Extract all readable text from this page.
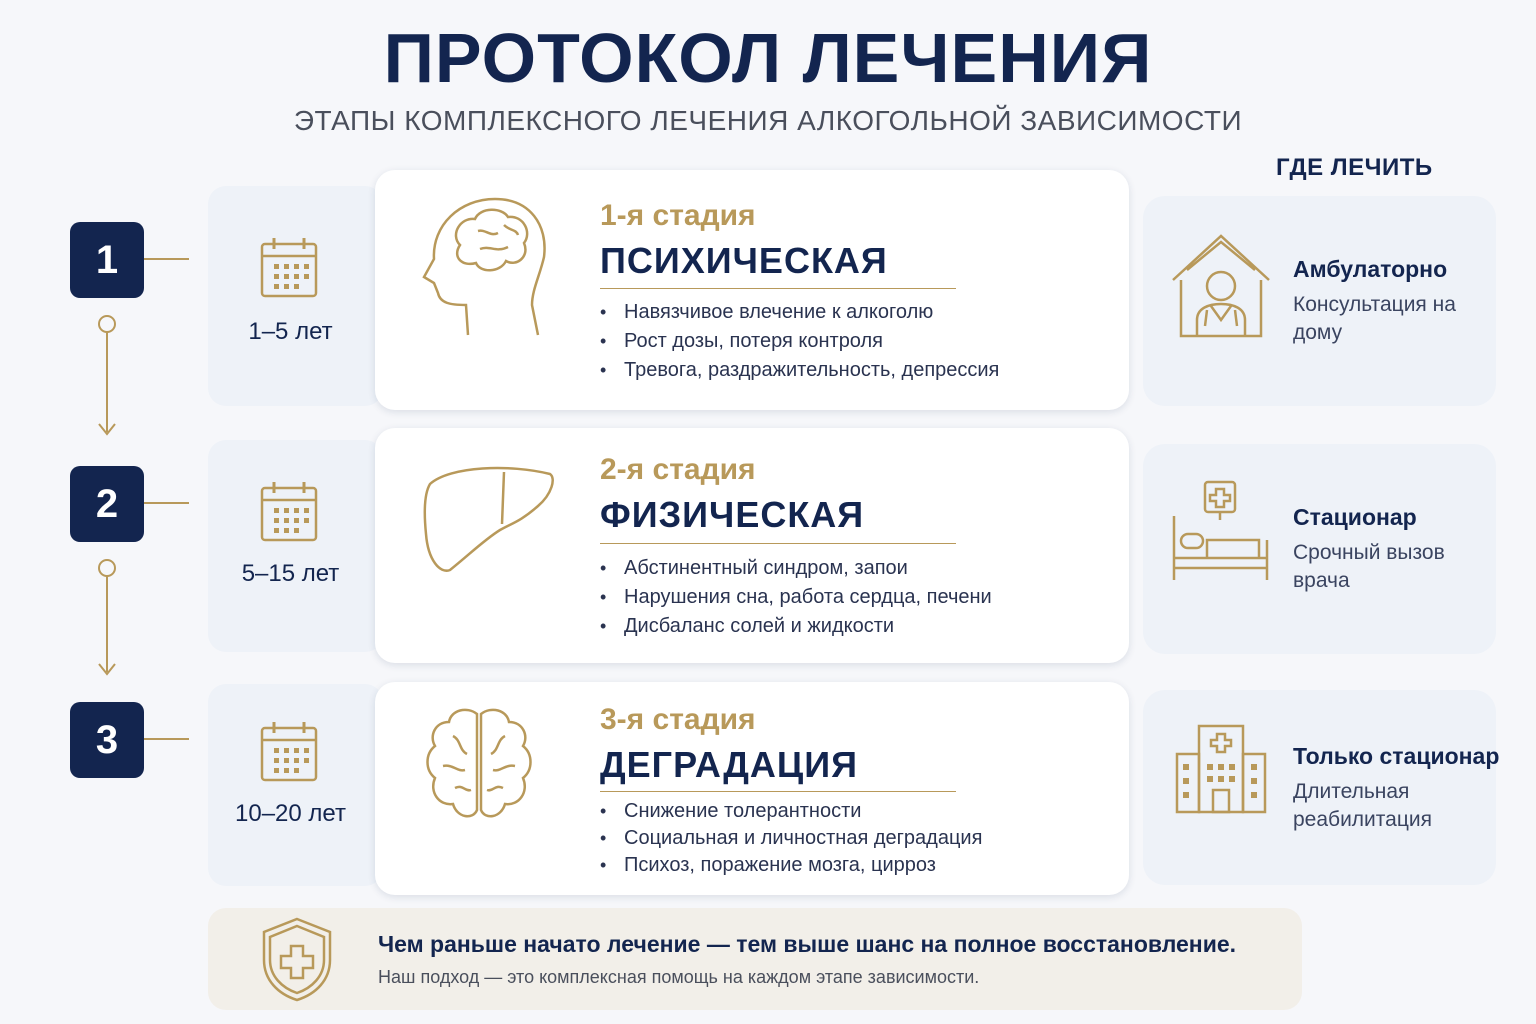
ПРОТОКОЛ ЛЕЧЕНИЯ
ЭТАПЫ КОМПЛЕКСНОГО ЛЕЧЕНИЯ АЛКОГОЛЬНОЙ ЗАВИСИМОСТИ
ГДЕ ЛЕЧИТЬ
1
2
3
1–5 лет
1-я стадия
ПСИХИЧЕСКАЯ
• Навязчивое влечение к алкоголю
• Рост дозы, потеря контроля
• Тревога, раздражительность, депрессия
Амбулаторно
Консультация на дому
5–15 лет
2-я стадия
ФИЗИЧЕСКАЯ
• Абстинентный синдром, запои
• Нарушения сна, работа сердца, печени
• Дисбаланс солей и жидкости
Стационар
Срочный вызов врача
10–20 лет
3-я стадия
ДЕГРАДАЦИЯ
• Снижение толерантности
• Социальная и личностная деградация
• Психоз, поражение мозга, цирроз
Только стационар
Длительная реабилитация
Чем раньше начато лечение — тем выше шанс на полное восстановление.
Наш подход — это комплексная помощь на каждом этапе зависимости.
